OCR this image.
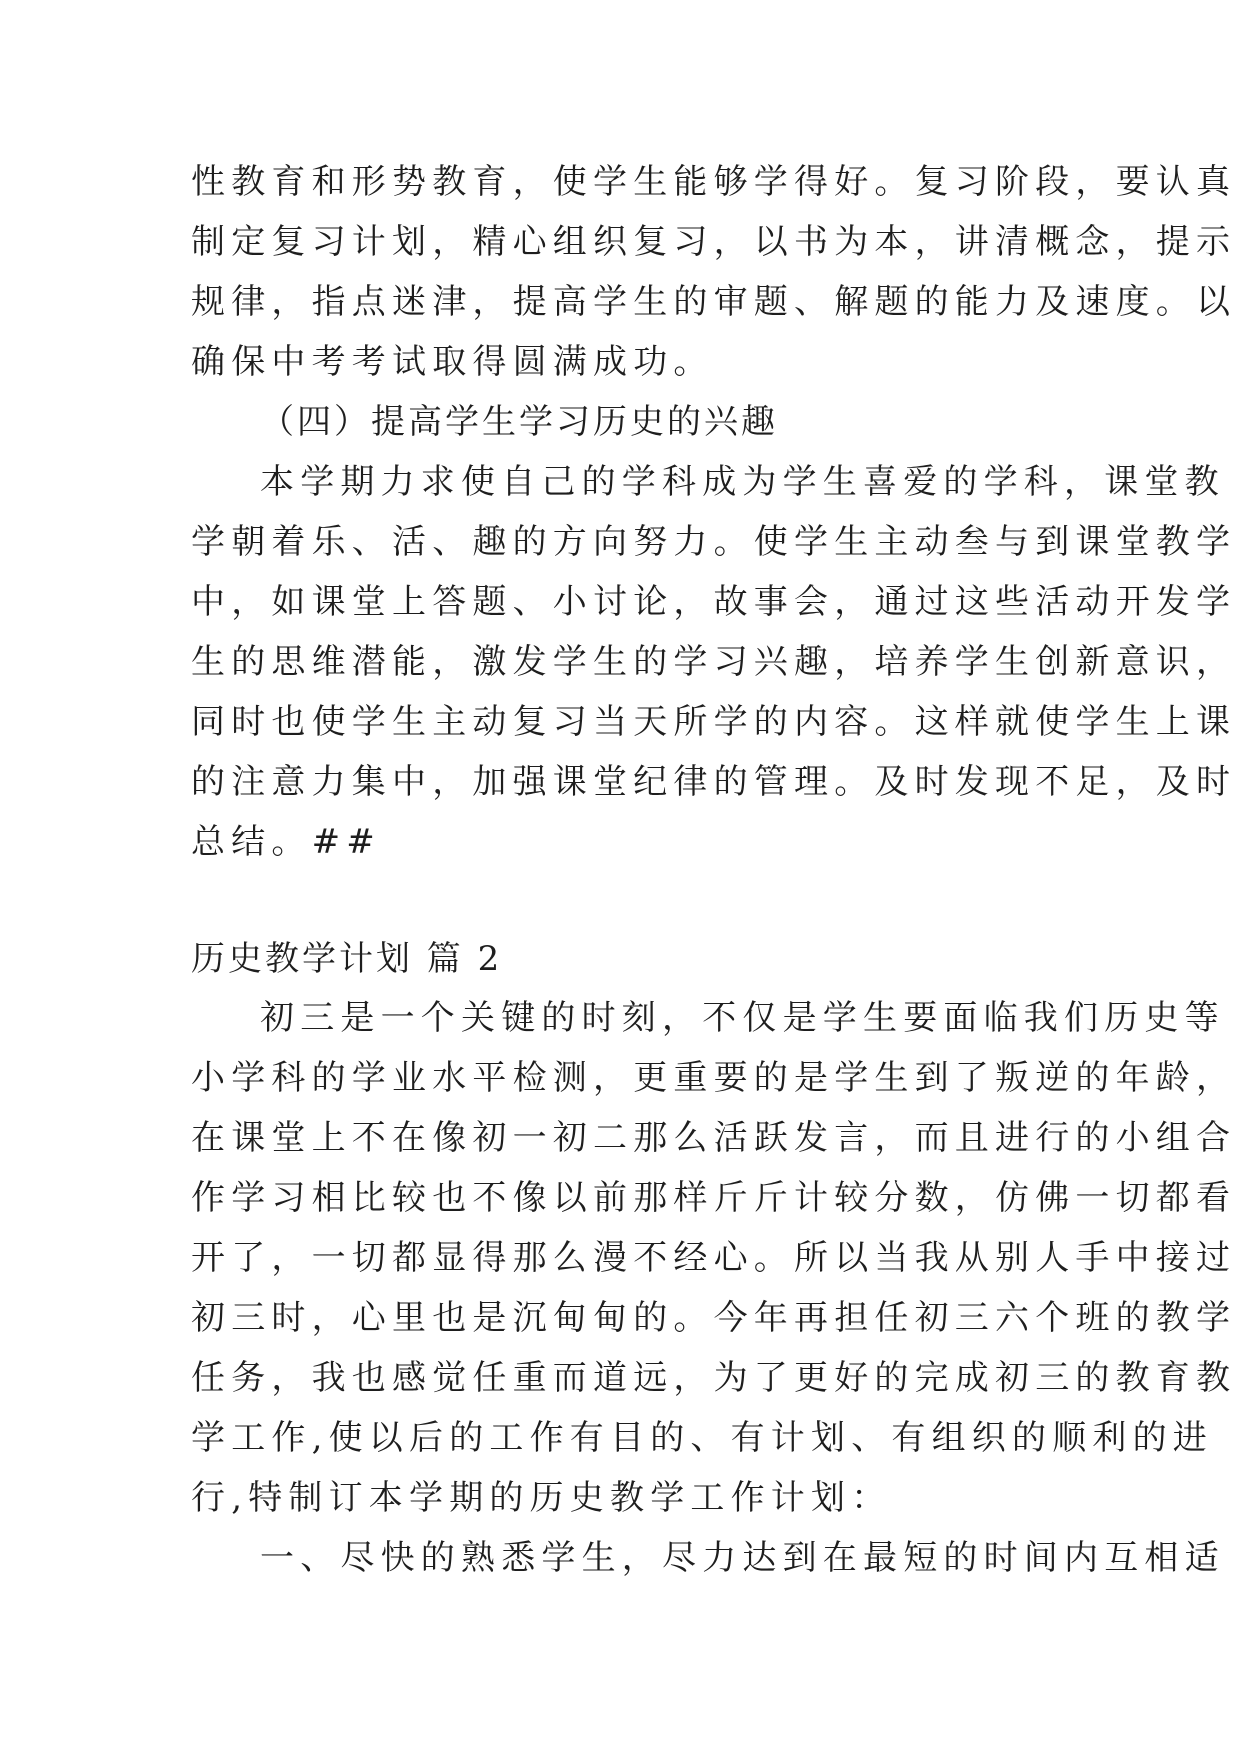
性教育和形势教育，使学生能够学得好。复习阶段，要认真
制定复习计划，精心组织复习，以书为本，讲清概念，提示
规律，指点迷津，提高学生的审题、解题的能力及速度。以
确保中考考试取得圆满成功。
（四）提高学生学习历史的兴趣
本学期力求使自己的学科成为学生喜爱的学科，课堂教
学朝着乐、活、趣的方向努力。使学生主动叁与到课堂教学
中，如课堂上答题、小讨论，故事会，通过这些活动开发学
生的思维潜能，激发学生的学习兴趣，培养学生创新意识，
同时也使学生主动复习当天所学的内容。这样就使学生上课
的注意力集中，加强课堂纪律的管理。及时发现不足，及时
总结。##
历史教学计划 篇 2
初三是一个关键的时刻，不仅是学生要面临我们历史等
小学科的学业水平检测，更重要的是学生到了叛逆的年龄，
在课堂上不在像初一初二那么活跃发言，而且进行的小组合
作学习相比较也不像以前那样斤斤计较分数，仿佛一切都看
开了，一切都显得那么漫不经心。所以当我从别人手中接过
初三时，心里也是沉甸甸的。今年再担任初三六个班的教学
任务，我也感觉任重而道远，为了更好的完成初三的教育教
学工作,使以后的工作有目的、有计划、有组织的顺利的进
行,特制订本学期的历史教学工作计划：
一、尽快的熟悉学生，尽力达到在最短的时间内互相适
